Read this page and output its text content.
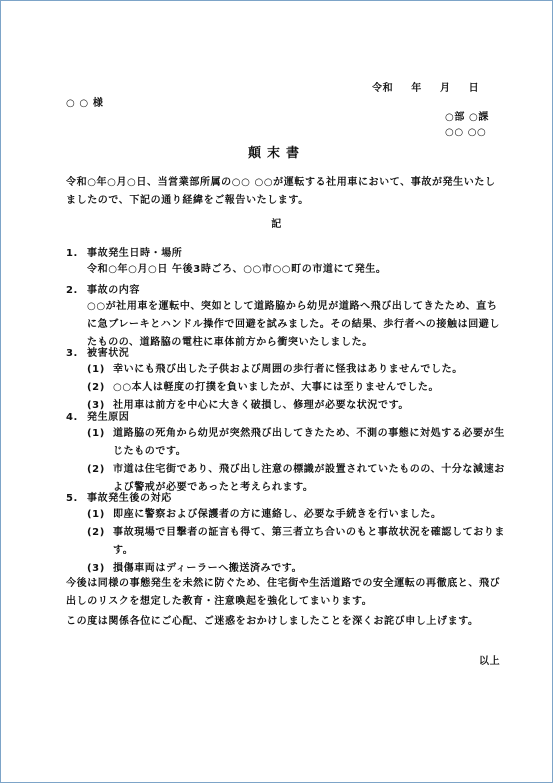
令和 年 月 日
○ ○ 様
○部 ○課
○○ ○○
顛末書
令和○年○月○日、当営業部所属の○○ ○○が運転する社用車において、事故が発生いたしましたので、下記の通り経緯をご報告いたします。
記
1. 事故発生日時・場所
令和○年○月○日 午後3時ごろ、○○市○○町の市道にて発生。
2. 事故の内容
○○が社用車を運転中、突如として道路脇から幼児が道路へ飛び出してきたため、直ちに急ブレーキとハンドル操作で回避を試みました。その結果、歩行者への接触は回避したものの、道路脇の電柱に車体前方から衝突いたしました。
3. 被害状況
(1) 幸いにも飛び出した子供および周囲の歩行者に怪我はありませんでした。
(2) ○○本人は軽度の打撲を負いましたが、大事には至りませんでした。
(3) 社用車は前方を中心に大きく破損し、修理が必要な状況です。
4. 発生原因
(1) 道路脇の死角から幼児が突然飛び出してきたため、不測の事態に対処する必要が生じたものです。
(2) 市道は住宅街であり、飛び出し注意の標識が設置されていたものの、十分な減速および警戒が必要であったと考えられます。
5. 事故発生後の対応
(1) 即座に警察および保護者の方に連絡し、必要な手続きを行いました。
(2) 事故現場で目撃者の証言も得て、第三者立ち合いのもと事故状況を確認しております。
(3) 損傷車両はディーラーへ搬送済みです。
今後は同様の事態発生を未然に防ぐため、住宅街や生活道路での安全運転の再徹底と、飛び出しのリスクを想定した教育・注意喚起を強化してまいります。
この度は関係各位にご心配、ご迷惑をおかけしましたことを深くお詫び申し上げます。
以上
